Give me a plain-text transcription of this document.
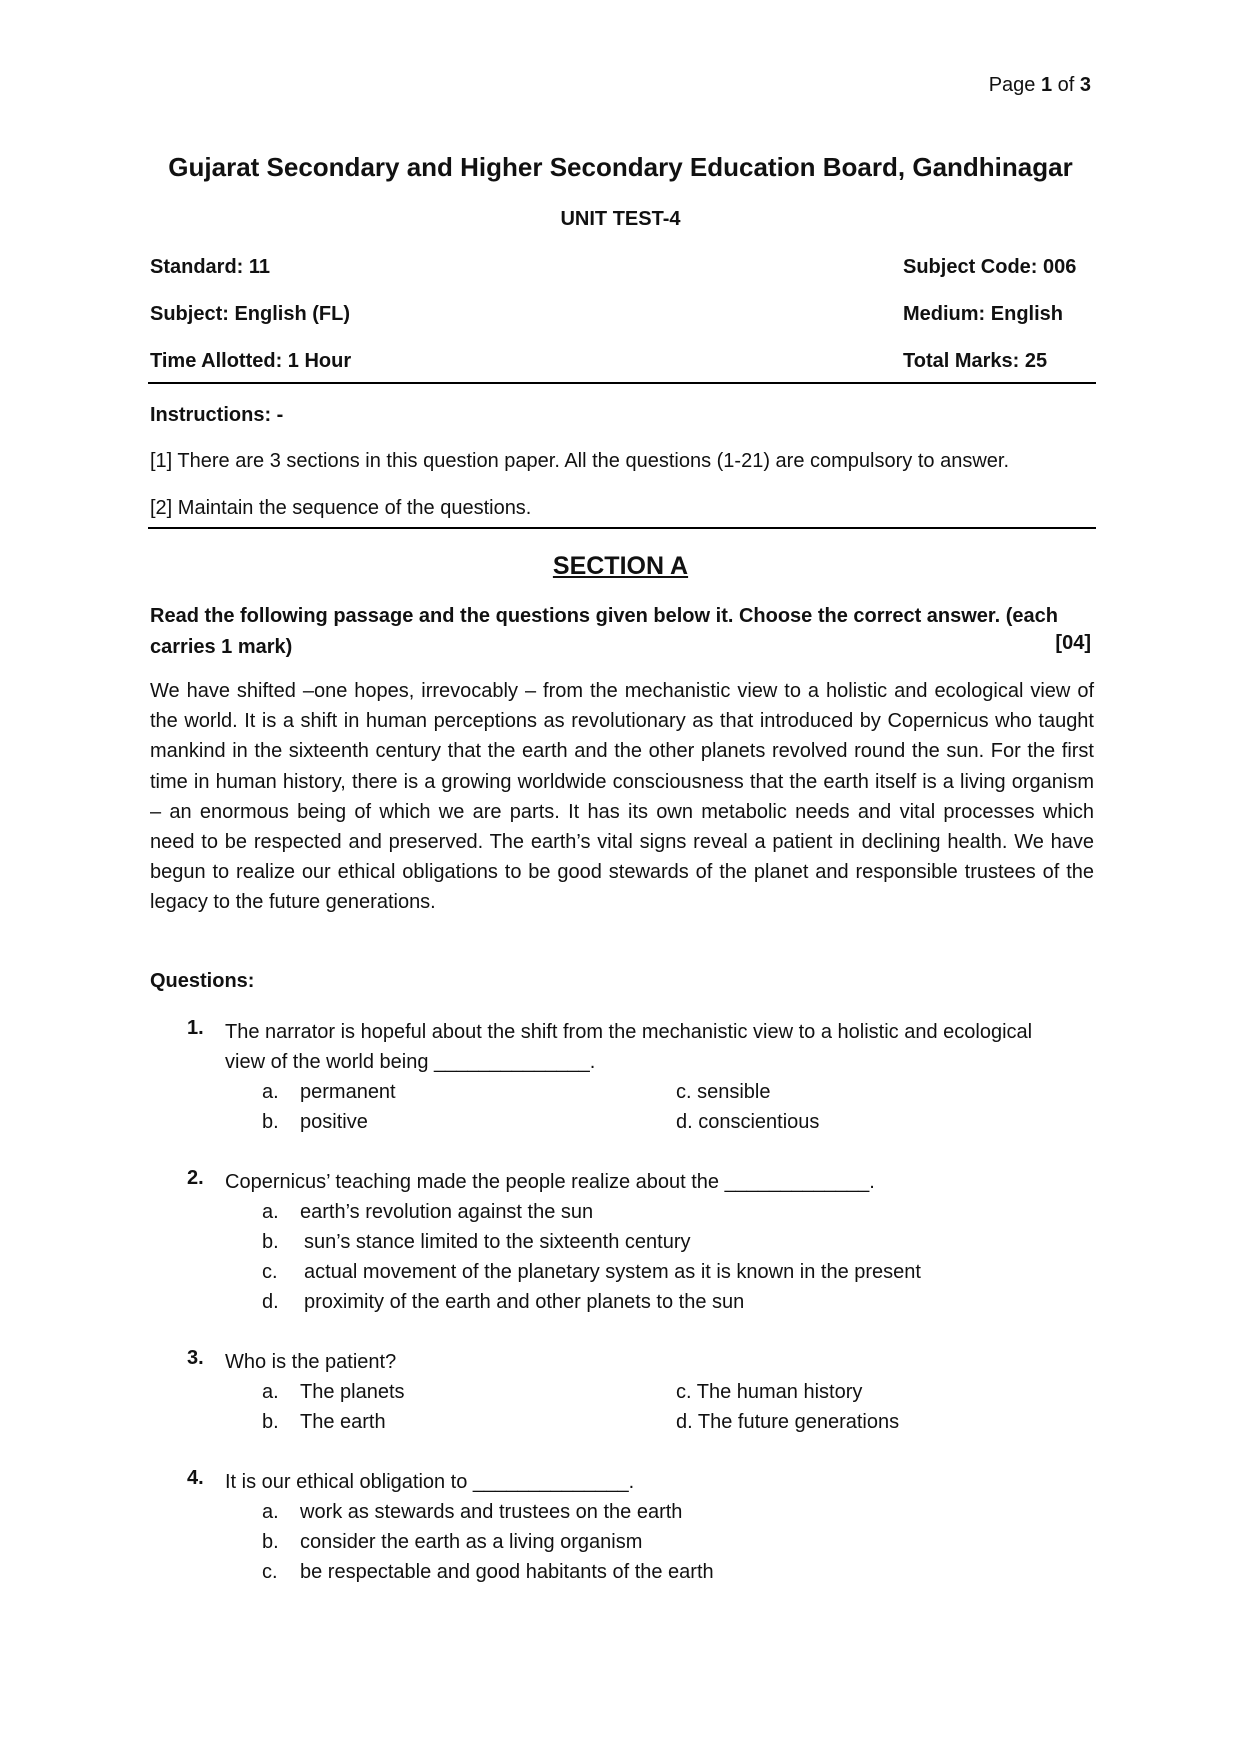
Page 1 of 3
Gujarat Secondary and Higher Secondary Education Board, Gandhinagar
UNIT TEST-4
Standard: 11	Subject Code: 006
Subject: English (FL)	Medium: English
Time Allotted: 1 Hour	Total Marks: 25
Instructions: -
[1] There are 3 sections in this question paper. All the questions (1-21) are compulsory to answer.
[2] Maintain the sequence of the questions.
SECTION A
Read the following passage and the questions given below it. Choose the correct answer. (each
carries 1 mark)	[04]
We have shifted –one hopes, irrevocably – from the mechanistic view to a holistic and ecological view of the world. It is a shift in human perceptions as revolutionary as that introduced by Copernicus who taught mankind in the sixteenth century that the earth and the other planets revolved round the sun. For the first time in human history, there is a growing worldwide consciousness that the earth itself is a living organism – an enormous being of which we are parts. It has its own metabolic needs and vital processes which need to be respected and preserved. The earth’s vital signs reveal a patient in declining health. We have begun to realize our ethical obligations to be good stewards of the planet and responsible trustees of the legacy to the future generations.
Questions:
1. The narrator is hopeful about the shift from the mechanistic view to a holistic and ecological
view of the world being ______________.
a. permanent	c. sensible
b. positive	d. conscientious
2. Copernicus’ teaching made the people realize about the _____________.
a. earth’s revolution against the sun
b. sun’s stance limited to the sixteenth century
c. actual movement of the planetary system as it is known in the present
d. proximity of the earth and other planets to the sun
3. Who is the patient?
a. The planets	c. The human history
b. The earth	d. The future generations
4. It is our ethical obligation to ______________.
a. work as stewards and trustees on the earth
b. consider the earth as a living organism
c. be respectable and good habitants of the earth
